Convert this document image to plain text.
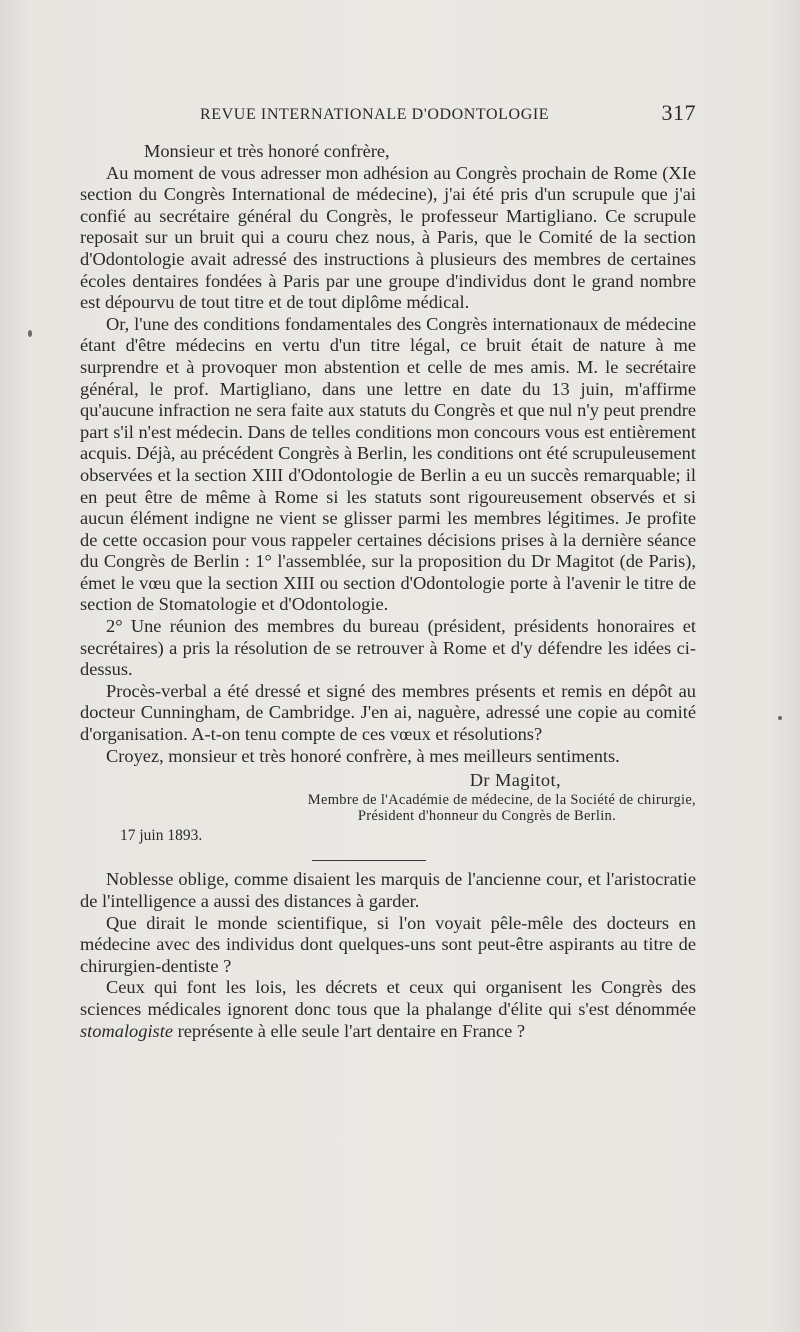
REVUE INTERNATIONALE D'ODONTOLOGIE	317

Monsieur et très honoré confrère,

Au moment de vous adresser mon adhésion au Congrès prochain de Rome (XIe section du Congrès International de médecine), j'ai été pris d'un scrupule que j'ai confié au secrétaire général du Congrès, le professeur Martigliano. Ce scrupule reposait sur un bruit qui a couru chez nous, à Paris, que le Comité de la section d'Odontologie avait adressé des instructions à plusieurs des membres de certaines écoles dentaires fondées à Paris par une groupe d'individus dont le grand nombre est dépourvu de tout titre et de tout diplôme médical.

Or, l'une des conditions fondamentales des Congrès internationaux de médecine étant d'être médecins en vertu d'un titre légal, ce bruit était de nature à me surprendre et à provoquer mon abstention et celle de mes amis. M. le secrétaire général, le prof. Martigliano, dans une lettre en date du 13 juin, m'affirme qu'aucune infraction ne sera faite aux statuts du Congrès et que nul n'y peut prendre part s'il n'est médecin. Dans de telles conditions mon concours vous est entièrement acquis. Déjà, au précédent Congrès à Berlin, les conditions ont été scrupuleusement observées et la section XIII d'Odontologie de Berlin a eu un succès remarquable; il en peut être de même à Rome si les statuts sont rigoureusement observés et si aucun élément indigne ne vient se glisser parmi les membres légitimes. Je profite de cette occasion pour vous rappeler certaines décisions prises à la dernière séance du Congrès de Berlin : 1° l'assemblée, sur la proposition du Dr Magitot (de Paris), émet le vœu que la section XIII ou section d'Odontologie porte à l'avenir le titre de section de Stomatologie et d'Odontologie.

2° Une réunion des membres du bureau (président, présidents honoraires et secrétaires) a pris la résolution de se retrouver à Rome et d'y défendre les idées ci-dessus.

Procès-verbal a été dressé et signé des membres présents et remis en dépôt au docteur Cunningham, de Cambridge. J'en ai, naguère, adressé une copie au comité d'organisation. A-t-on tenu compte de ces vœux et résolutions?

Croyez, monsieur et très honoré confrère, à mes meilleurs sentiments.

Dr Magitot,

Membre de l'Académie de médecine, de la Société de chirurgie,

Président d'honneur du Congrès de Berlin.

17 juin 1893.

Noblesse oblige, comme disaient les marquis de l'ancienne cour, et l'aristocratie de l'intelligence a aussi des distances à garder.

Que dirait le monde scientifique, si l'on voyait pêle-mêle des docteurs en médecine avec des individus dont quelques-uns sont peut-être aspirants au titre de chirurgien-dentiste ?

Ceux qui font les lois, les décrets et ceux qui organisent les Congrès des sciences médicales ignorent donc tous que la phalange d'élite qui s'est dénommée stomalogiste représente à elle seule l'art dentaire en France ?
